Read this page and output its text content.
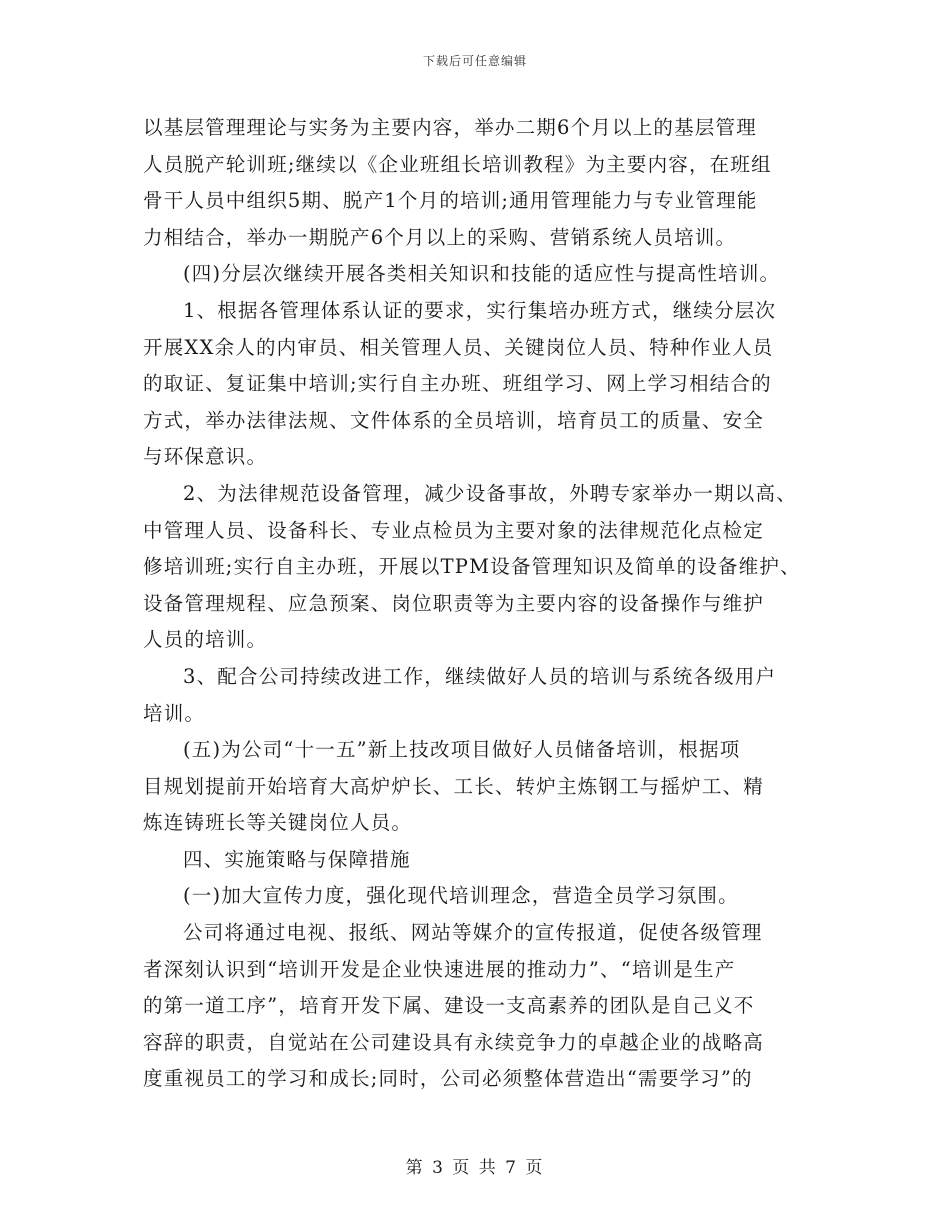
下载后可任意编辑
以基层管理理论与实务为主要内容，举办二期6个月以上的基层管理
人员脱产轮训班;继续以《企业班组长培训教程》为主要内容，在班组
骨干人员中组织5期、脱产1个月的培训;通用管理能力与专业管理能
力相结合，举办一期脱产6个月以上的采购、营销系统人员培训。
(四)分层次继续开展各类相关知识和技能的适应性与提高性培训。
1、根据各管理体系认证的要求，实行集培办班方式，继续分层次
开展XX余人的内审员、相关管理人员、关键岗位人员、特种作业人员
的取证、复证集中培训;实行自主办班、班组学习、网上学习相结合的
方式，举办法律法规、文件体系的全员培训，培育员工的质量、安全
与环保意识。
2、为法律规范设备管理，减少设备事故，外聘专家举办一期以高、
中管理人员、设备科长、专业点检员为主要对象的法律规范化点检定
修培训班;实行自主办班，开展以TPM设备管理知识及简单的设备维护、
设备管理规程、应急预案、岗位职责等为主要内容的设备操作与维护
人员的培训。
3、配合公司持续改进工作，继续做好人员的培训与系统各级用户
培训。
(五)为公司“十一五”新上技改项目做好人员储备培训，根据项
目规划提前开始培育大高炉炉长、工长、转炉主炼钢工与摇炉工、精
炼连铸班长等关键岗位人员。
四、实施策略与保障措施
(一)加大宣传力度，强化现代培训理念，营造全员学习氛围。
公司将通过电视、报纸、网站等媒介的宣传报道，促使各级管理
者深刻认识到“培训开发是企业快速进展的推动力”、“培训是生产
的第一道工序”，培育开发下属、建设一支高素养的团队是自己义不
容辞的职责，自觉站在公司建设具有永续竞争力的卓越企业的战略高
度重视员工的学习和成长;同时，公司必须整体营造出“需要学习”的
第 3 页 共 7 页
